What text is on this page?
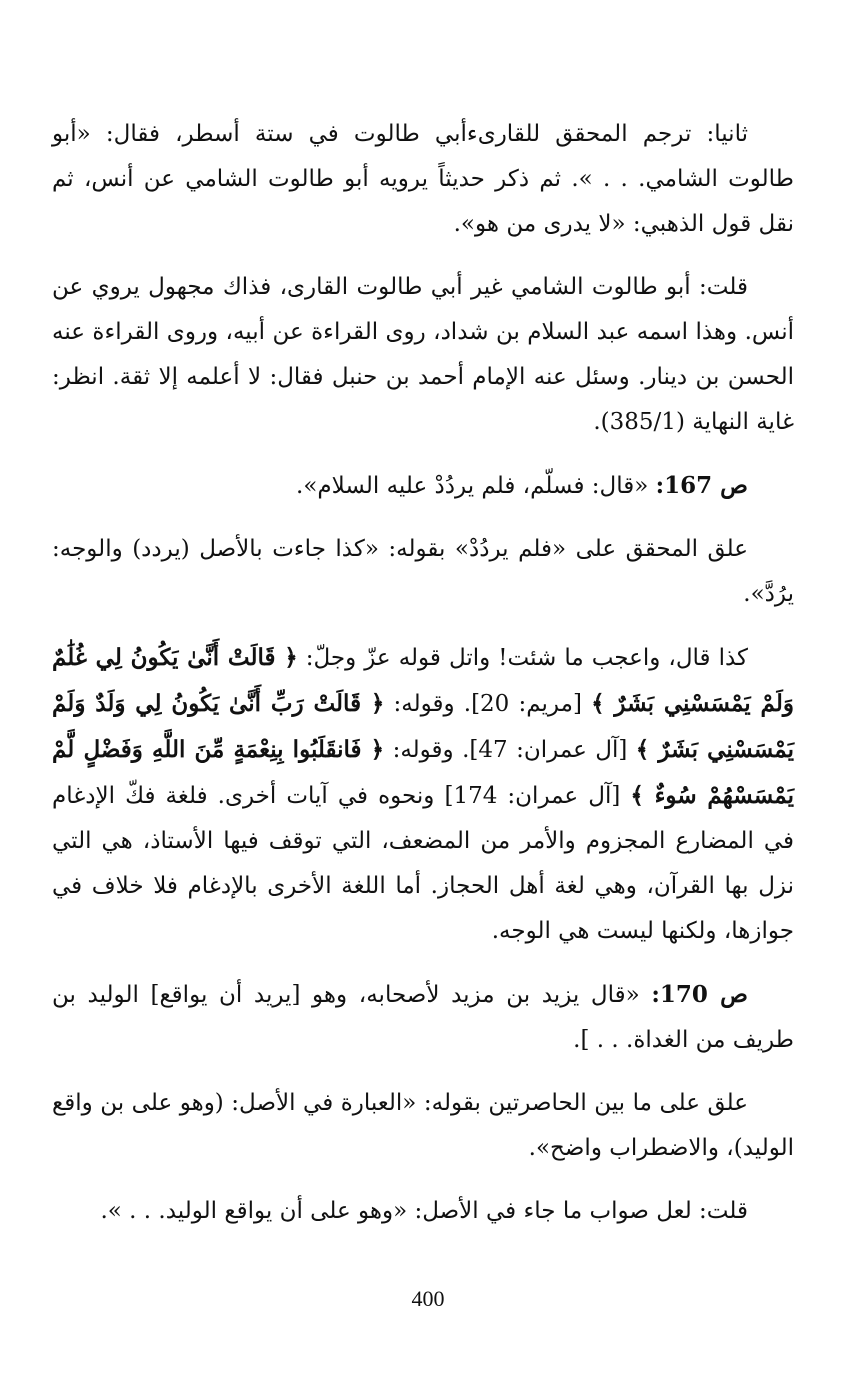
ثانيا: ترجم المحقق للقارىءأبي طالوت في ستة أسطر، فقال: «أبو طالوت الشامي. . . ». ثم ذكر حديثاً يرويه أبو طالوت الشامي عن أنس، ثم نقل قول الذهبي: «لا يدرى من هو».

قلت: أبو طالوت الشامي غير أبي طالوت القارى، فذاك مجهول يروي عن أنس. وهذا اسمه عبد السلام بن شداد، روى القراءة عن أبيه، وروى القراءة عنه الحسن بن دينار. وسئل عنه الإمام أحمد بن حنبل فقال: لا أعلمه إلا ثقة. انظر: غاية النهاية (385/1).

ص 167: «قال: فسلّم، فلم يردُدْ عليه السلام».

علق المحقق على «فلم يردُدْ» بقوله: «كذا جاءت بالأصل (يردد) والوجه: يرُدَّ».

كذا قال، واعجب ما شئت! واتل قوله عزّ وجلّ: ﴿ قَالَتْ أَنَّىٰ يَكُونُ لِي غُلَٰمٌ وَلَمْ يَمْسَسْنِي بَشَرٌ ﴾ [مريم: 20]. وقوله: ﴿ قَالَتْ رَبِّ أَنَّىٰ يَكُونُ لِي وَلَدٌ وَلَمْ يَمْسَسْنِي بَشَرٌ ﴾ [آل عمران: 47]. وقوله: ﴿ فَانقَلَبُوا بِنِعْمَةٍ مِّنَ اللَّهِ وَفَضْلٍ لَّمْ يَمْسَسْهُمْ سُوءٌ ﴾ [آل عمران: 174] ونحوه في آيات أخرى. فلغة فكّ الإدغام في المضارع المجزوم والأمر من المضعف، التي توقف فيها الأستاذ، هي التي نزل بها القرآن، وهي لغة أهل الحجاز. أما اللغة الأخرى بالإدغام فلا خلاف في جوازها، ولكنها ليست هي الوجه.

ص 170: «قال يزيد بن مزيد لأصحابه، وهو [يريد أن يواقع] الوليد بن طريف من الغداة. . . ].

علق على ما بين الحاصرتين بقوله: «العبارة في الأصل: (وهو على بن واقع الوليد)، والاضطراب واضح».

قلت: لعل صواب ما جاء في الأصل: «وهو على أن يواقع الوليد. . . ».

400
